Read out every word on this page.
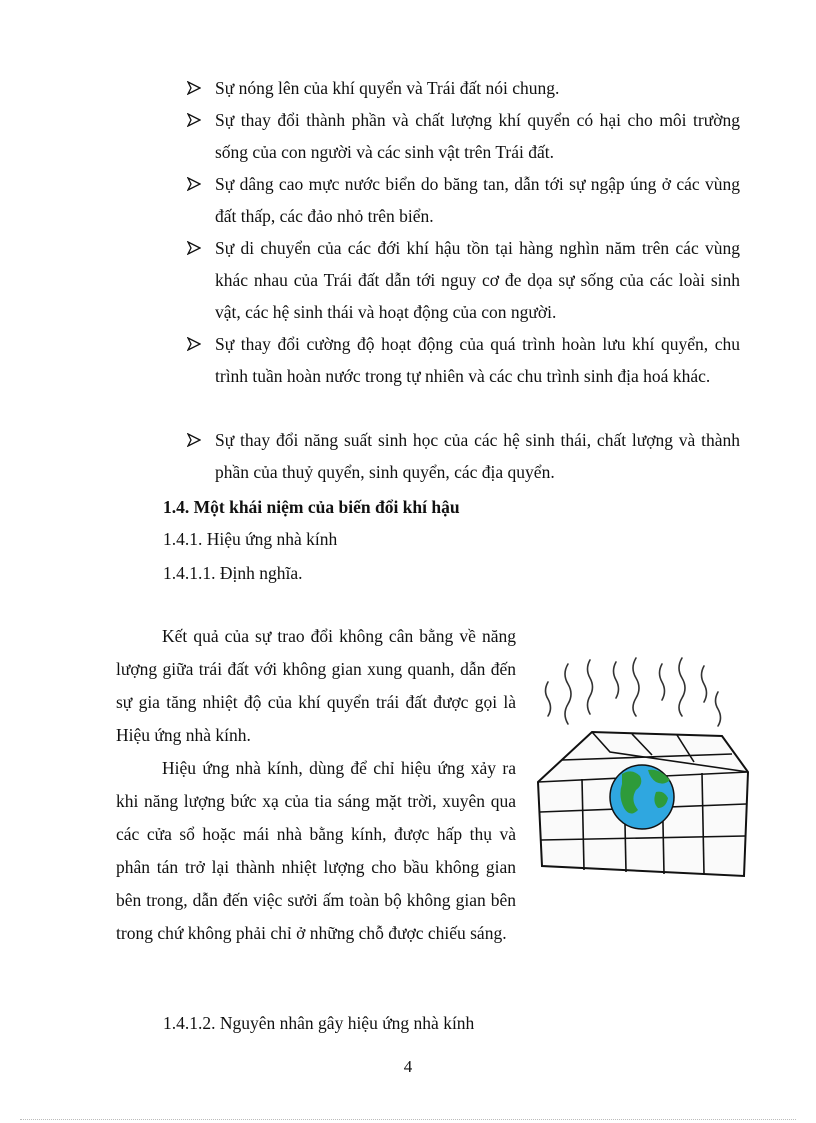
Sự nóng lên của khí quyển và Trái đất nói chung.
Sự thay đổi thành phần và chất lượng khí quyển có hại cho môi trường sống của con người và các sinh vật trên Trái đất.
Sự dâng cao mực nước biển do băng tan, dẫn tới sự ngập úng ở các vùng đất thấp, các đảo nhỏ trên biển.
Sự di chuyển của các đới khí hậu tồn tại hàng nghìn năm trên các vùng khác nhau của Trái đất dẫn tới nguy cơ đe dọa sự sống của các loài sinh vật, các hệ sinh thái và hoạt động của con người.
Sự thay đổi cường độ hoạt động của quá trình hoàn lưu khí quyển, chu trình tuần hoàn nước trong tự nhiên và các chu trình sinh địa hoá khác.
Sự thay đổi năng suất sinh học của các hệ sinh thái, chất lượng và thành phần của thuỷ quyển, sinh quyển, các địa quyển.
1.4. Một khái niệm của biến đổi khí hậu
1.4.1. Hiệu ứng nhà kính
1.4.1.1. Định nghĩa.
Kết quả của sự trao đổi không cân bằng về năng lượng giữa trái đất với không gian xung quanh, dẫn đến sự gia tăng nhiệt độ của khí quyển trái đất được gọi là Hiệu ứng nhà kính.
Hiệu ứng nhà kính, dùng để chỉ hiệu ứng xảy ra khi năng lượng bức xạ của tia sáng mặt trời, xuyên qua các cửa sổ hoặc mái nhà bằng kính, được hấp thụ và phân tán trở lại thành nhiệt lượng cho bầu không gian bên trong, dẫn đến việc sưởi ấm toàn bộ không gian bên trong chứ không phải chỉ ở những chỗ được chiếu sáng.
1.4.1.2. Nguyên nhân gây hiệu ứng nhà kính
4
